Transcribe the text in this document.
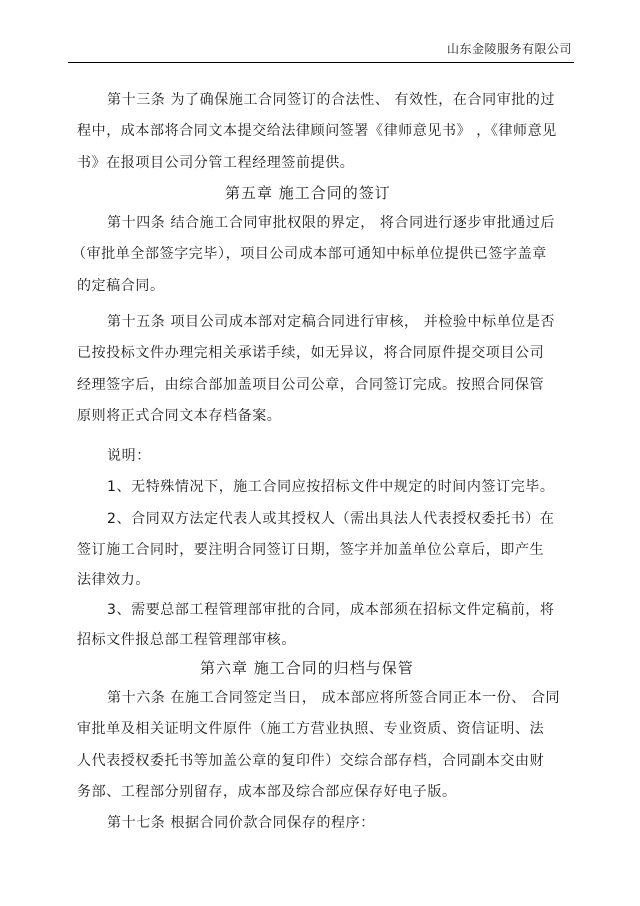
山东金陵服务有限公司
第十三条 为了确保施工合同签订的合法性、 有效性，在合同审批的过
程中，成本部将合同文本提交给法律顾问签署《律师意见书》 ，《律师意见
书》在报项目公司分管工程经理签前提供。
第五章 施工合同的签订
第十四条 结合施工合同审批权限的界定， 将合同进行逐步审批通过后
（审批单全部签字完毕），项目公司成本部可通知中标单位提供已签字盖章
的定稿合同。
第十五条 项目公司成本部对定稿合同进行审核， 并检验中标单位是否
已按投标文件办理完相关承诺手续，如无异议，将合同原件提交项目公司
经理签字后，由综合部加盖项目公司公章，合同签订完成。按照合同保管
原则将正式合同文本存档备案。
说明：
1、无特殊情况下，施工合同应按招标文件中规定的时间内签订完毕。
2、合同双方法定代表人或其授权人（需出具法人代表授权委托书）在
签订施工合同时，要注明合同签订日期，签字并加盖单位公章后，即产生
法律效力。
3、需要总部工程管理部审批的合同，成本部须在招标文件定稿前，将
招标文件报总部工程管理部审核。
第六章 施工合同的归档与保管
第十六条 在施工合同签定当日， 成本部应将所签合同正本一份、 合同
审批单及相关证明文件原件（施工方营业执照、专业资质、资信证明、法
人代表授权委托书等加盖公章的复印件）交综合部存档，合同副本交由财
务部、工程部分别留存，成本部及综合部应保存好电子版。
第十七条 根据合同价款合同保存的程序：
